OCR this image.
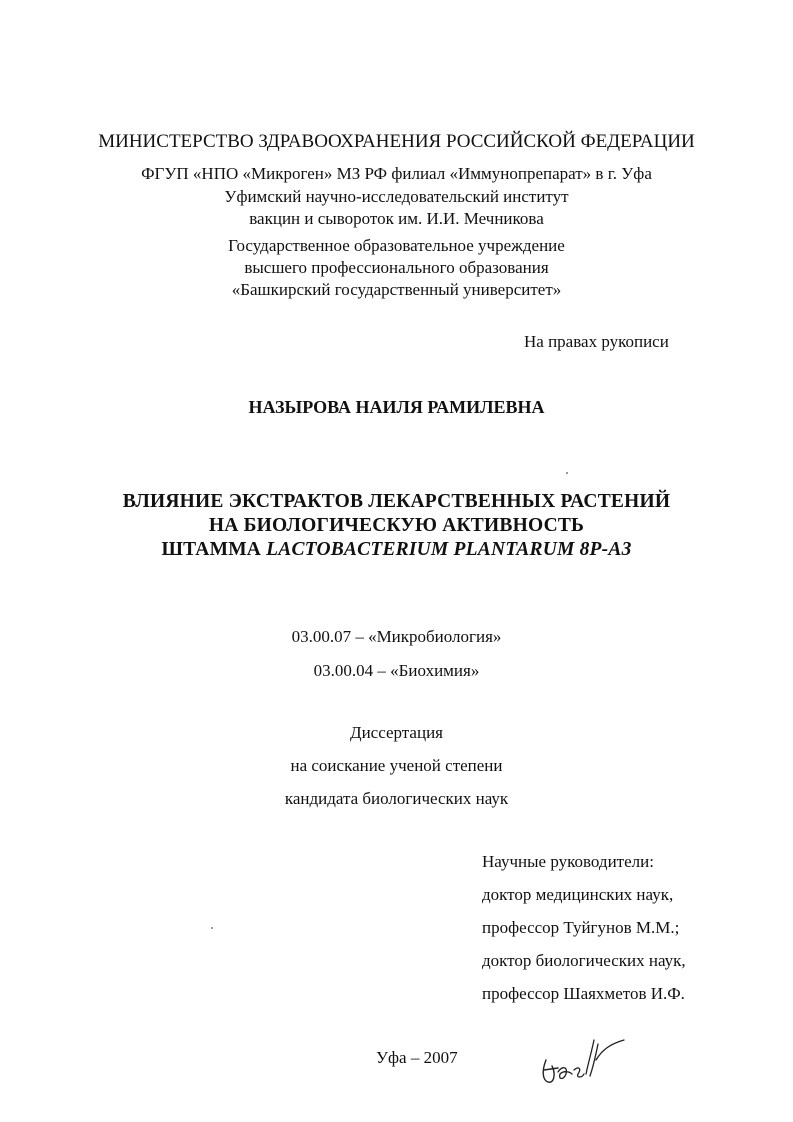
МИНИСТЕРСТВО ЗДРАВООХРАНЕНИЯ РОССИЙСКОЙ ФЕДЕРАЦИИ
ФГУП «НПО «Микроген» МЗ РФ филиал «Иммунопрепарат» в г. Уфа
Уфимский научно-исследовательский институт
вакцин и сывороток им. И.И. Мечникова
Государственное образовательное учреждение
высшего профессионального образования
«Башкирский государственный университет»
На правах рукописи
НАЗЫРОВА НАИЛЯ РАМИЛЕВНА
ВЛИЯНИЕ ЭКСТРАКТОВ ЛЕКАРСТВЕННЫХ РАСТЕНИЙ
НА БИОЛОГИЧЕСКУЮ АКТИВНОСТЬ
ШТАММА LACTOBACTERIUM PLANTARUM 8P-A3
03.00.07 – «Микробиология»
03.00.04 – «Биохимия»
Диссертация
на соискание ученой степени
кандидата биологических наук
Научные руководители:
доктор медицинских наук,
профессор Туйгунов М.М.;
доктор биологических наук,
профессор Шаяхметов И.Ф.
Уфа – 2007
